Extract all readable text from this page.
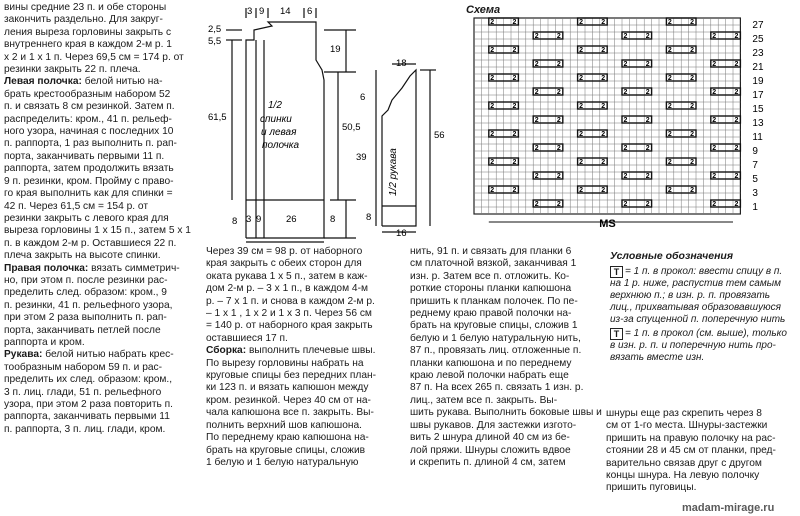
вины средние 23 п. и обе стороны
закончить раздельно. Для закруг-
ления выреза горловины закрыть с
внутреннего края в каждом 2-м р. 1
х 2 и 1 х 1 п. Через 69,5 см = 174 р. от
резинки закрыть 22 п. плеча.
Левая полочка: белой нитью на-
брать крестообразным набором 52
п. и связать 8 см резинкой. Затем п.
распределить: кром., 41 п. рельеф-
ного узора, начиная с последних 10
п. раппорта, 1 раз выполнить п. рап-
порта, заканчивать первыми 11 п.
раппорта, затем продолжить вязать
9 п. резинки, кром. Пройму с право-
го края выполнить как для спинки =
42 п. Через 61,5 см = 154 р. от
резинки закрыть с левого края для
выреза горловины 1 х 15 п., затем 5 х 1
п. в каждом 2-м р. Оставшиеся 22 п.
плеча закрыть на высоте спинки.
Правая полочка: вязать симметрич-
но, при этом п. после резинки рас-
пределить след. образом: кром., 9
п. резинки, 41 п. рельефного узора,
при этом 2 раза выполнить п. рап-
порта, заканчивать петлей после
раппорта и кром.
Рукава: белой нитью набрать крес-
тообразным набором 59 п. и рас-
пределить их след. образом: кром.,
3 п. лиц. глади, 51 п. рельефного
узора, при этом 2 раза повторить п.
раппорта, заканчивать первыми 11
п. раппорта, 3 п. лиц. глади, кром.
Через 39 см = 98 р. от наборного
края закрыть с обеих сторон для
оката рукава 1 х 5 п., затем в каж-
дом 2-м р. – 3 х 1 п., в каждом 4-м
р. – 7 х 1 п. и снова в каждом 2-м р.
– 1 х 1 , 1 х 2 и 1 х 3 п. Через 56 см
= 140 р. от наборного края закрыть
оставшиеся 17 п.
Сборка: выполнить плечевые швы.
По вырезу горловины набрать на
круговые спицы без передних план-
ки 123 п. и вязать капюшон между
кром. резинкой. Через 40 см от на-
чала капюшона все п. закрыть. Вы-
полнить верхний шов капюшона.
По переднему краю капюшона на-
брать на круговые спицы, сложив
1 белую и 1 белую натуральную
нить, 91 п. и связать для планки 6
см платочной вязкой, заканчивая 1
изн. р. Затем все п. отложить. Ко-
роткие стороны планки капюшона
пришить к планкам полочек. По пе-
реднему краю правой полочки на-
брать на круговые спицы, сложив 1
белую и 1 белую натуральную нить,
87 п., провязать лиц. отложенные п.
планки капюшона и по переднему
краю левой полочки набрать еще
87 п. На всех 265 п. связать 1 изн. р.
лиц., затем все п. закрыть. Вы-
шить рукава. Выполнить боковые швы и
швы рукавов. Для застежки изгото-
вить 2 шнура длиной 40 см из бе-
лой пряжи. Шнуры сложить вдвое
и скрепить п. длиной 4 см, затем
шнуры еще раз скрепить через 8
см от 1-го места. Шнуры-застежки
пришить на правую полочку на рас-
стоянии 28 и 45 см от планки, пред-
варительно связав друг с другом
концы шнура. На левую полочку
пришить пуговицы.
Условные обозначения
T = 1 п. в прокол: ввести спицу в п.
на 1 р. ниже, распустив тем самым
верхнюю п.; в изн. р. п. провязать
лиц., прихватывая образовавшуюся
из-за спущенной п. поперечную нить
T = 1 п. в прокол (см. выше), только
в изн. р. п. и поперечную нить про-
вязать вместе изн.
1/2
спинки
и левая
полочка
3 9 14 6
2,5
5,5
19
61,5
50,5
8	8
3 9	26
1/2 рукава
18
6
39
56
8
16
Схема
2	2	2	2	2	2
2	2	2	2	2	2
2	2	2	2	2	2
2	2	2	2	2	2
2	2	2	2	2	2
2	2	2	2	2	2
2	2	2	2	2	2
2	2	2	2	2	2
2	2	2	2	2	2
2	2	2	2	2	2
2	2	2	2	2	2
2	2	2	2	2	2
2	2	2	2	2	2
2	2	2	2	2	2
27
25
23
21
19
17
15
13
11
9
7
5
3
1
MS
madam-mirage.ru
